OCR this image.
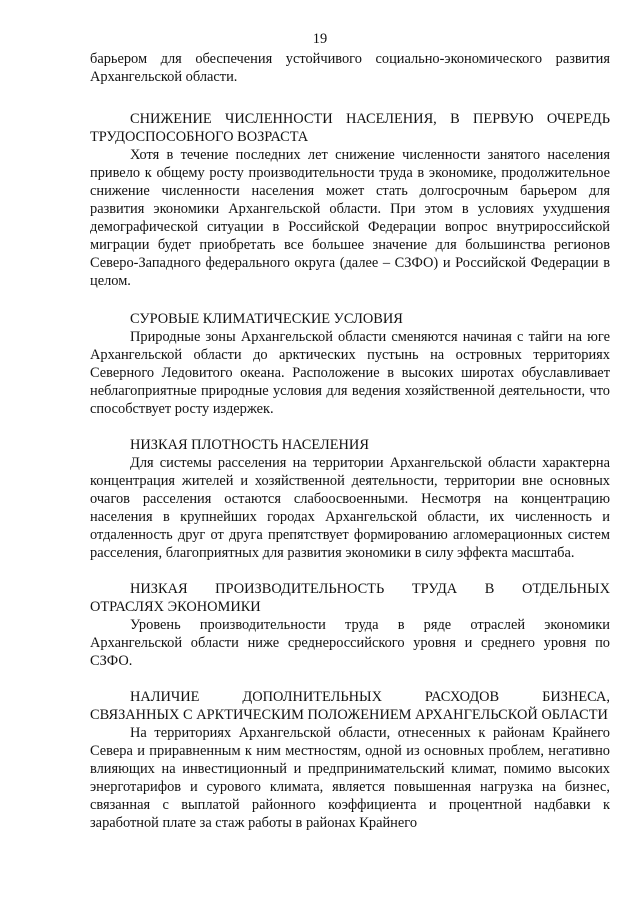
19

барьером для обеспечения устойчивого социально-экономического развития Архангельской области.

СНИЖЕНИЕ ЧИСЛЕННОСТИ НАСЕЛЕНИЯ, В ПЕРВУЮ ОЧЕРЕДЬ ТРУДОСПОСОБНОГО ВОЗРАСТА

Хотя в течение последних лет снижение численности занятого населения привело к общему росту производительности труда в экономике, продолжительное снижение численности населения может стать долгосрочным барьером для развития экономики Архангельской области. При этом в условиях ухудшения демографической ситуации в Российской Федерации вопрос внутрироссийской миграции будет приобретать все большее значение для большинства регионов Северо-Западного федерального округа (далее – СЗФО) и Российской Федерации в целом.

СУРОВЫЕ КЛИМАТИЧЕСКИЕ УСЛОВИЯ

Природные зоны Архангельской области сменяются начиная с тайги на юге Архангельской области до арктических пустынь на островных территориях Северного Ледовитого океана. Расположение в высоких широтах обуславливает неблагоприятные природные условия для ведения хозяйственной деятельности, что способствует росту издержек.

НИЗКАЯ ПЛОТНОСТЬ НАСЕЛЕНИЯ

Для системы расселения на территории Архангельской области характерна концентрация жителей и хозяйственной деятельности, территории вне основных очагов расселения остаются слабоосвоенными. Несмотря на концентрацию населения в крупнейших городах Архангельской области, их численность и отдаленность друг от друга препятствует формированию агломерационных систем расселения, благоприятных для развития экономики в силу эффекта масштаба.

НИЗКАЯ ПРОИЗВОДИТЕЛЬНОСТЬ ТРУДА В ОТДЕЛЬНЫХ

ОТРАСЛЯХ ЭКОНОМИКИ

Уровень производительности труда в ряде отраслей экономики Архангельской области ниже среднероссийского уровня и среднего уровня по СЗФО.

НАЛИЧИЕ ДОПОЛНИТЕЛЬНЫХ РАСХОДОВ БИЗНЕСА,

СВЯЗАННЫХ С АРКТИЧЕСКИМ ПОЛОЖЕНИЕМ АРХАНГЕЛЬСКОЙ ОБЛАСТИ

На территориях Архангельской области, отнесенных к районам Крайнего Севера и приравненным к ним местностям, одной из основных проблем, негативно влияющих на инвестиционный и предпринимательский климат, помимо высоких энерготарифов и сурового климата, является повышенная нагрузка на бизнес, связанная с выплатой районного коэффициента и процентной надбавки к заработной плате за стаж работы в районах Крайнего
